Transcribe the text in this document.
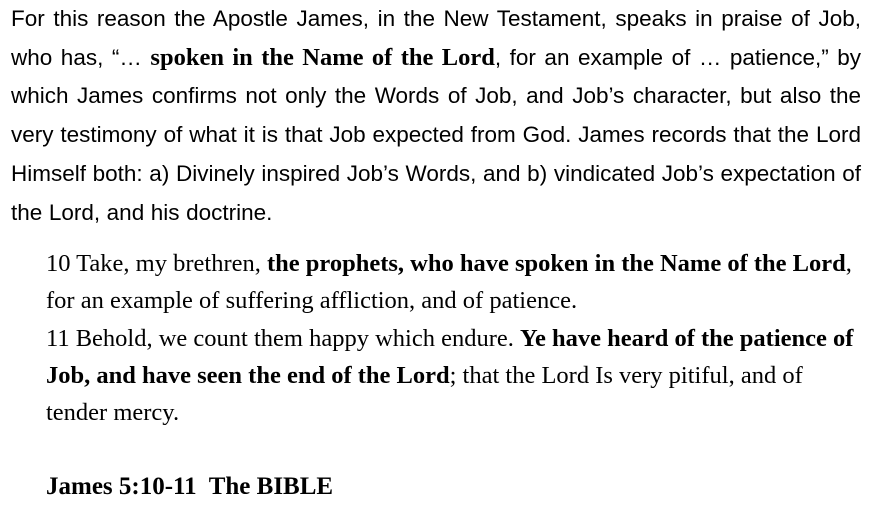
For this reason the Apostle James, in the New Testament, speaks in praise of Job, who has, “… spoken in the Name of the Lord, for an example of … patience,” by which James confirms not only the Words of Job, and Job’s character, but also the very testimony of what it is that Job expected from God. James records that the Lord Himself both: a) Divinely inspired Job’s Words, and b) vindicated Job’s expectation of the Lord, and his doctrine.
10 Take, my brethren, the prophets, who have spoken in the Name of the Lord, for an example of suffering affliction, and of patience.
11 Behold, we count them happy which endure. Ye have heard of the patience of Job, and have seen the end of the Lord; that the Lord Is very pitiful, and of tender mercy.
James 5:10-11  The BIBLE
